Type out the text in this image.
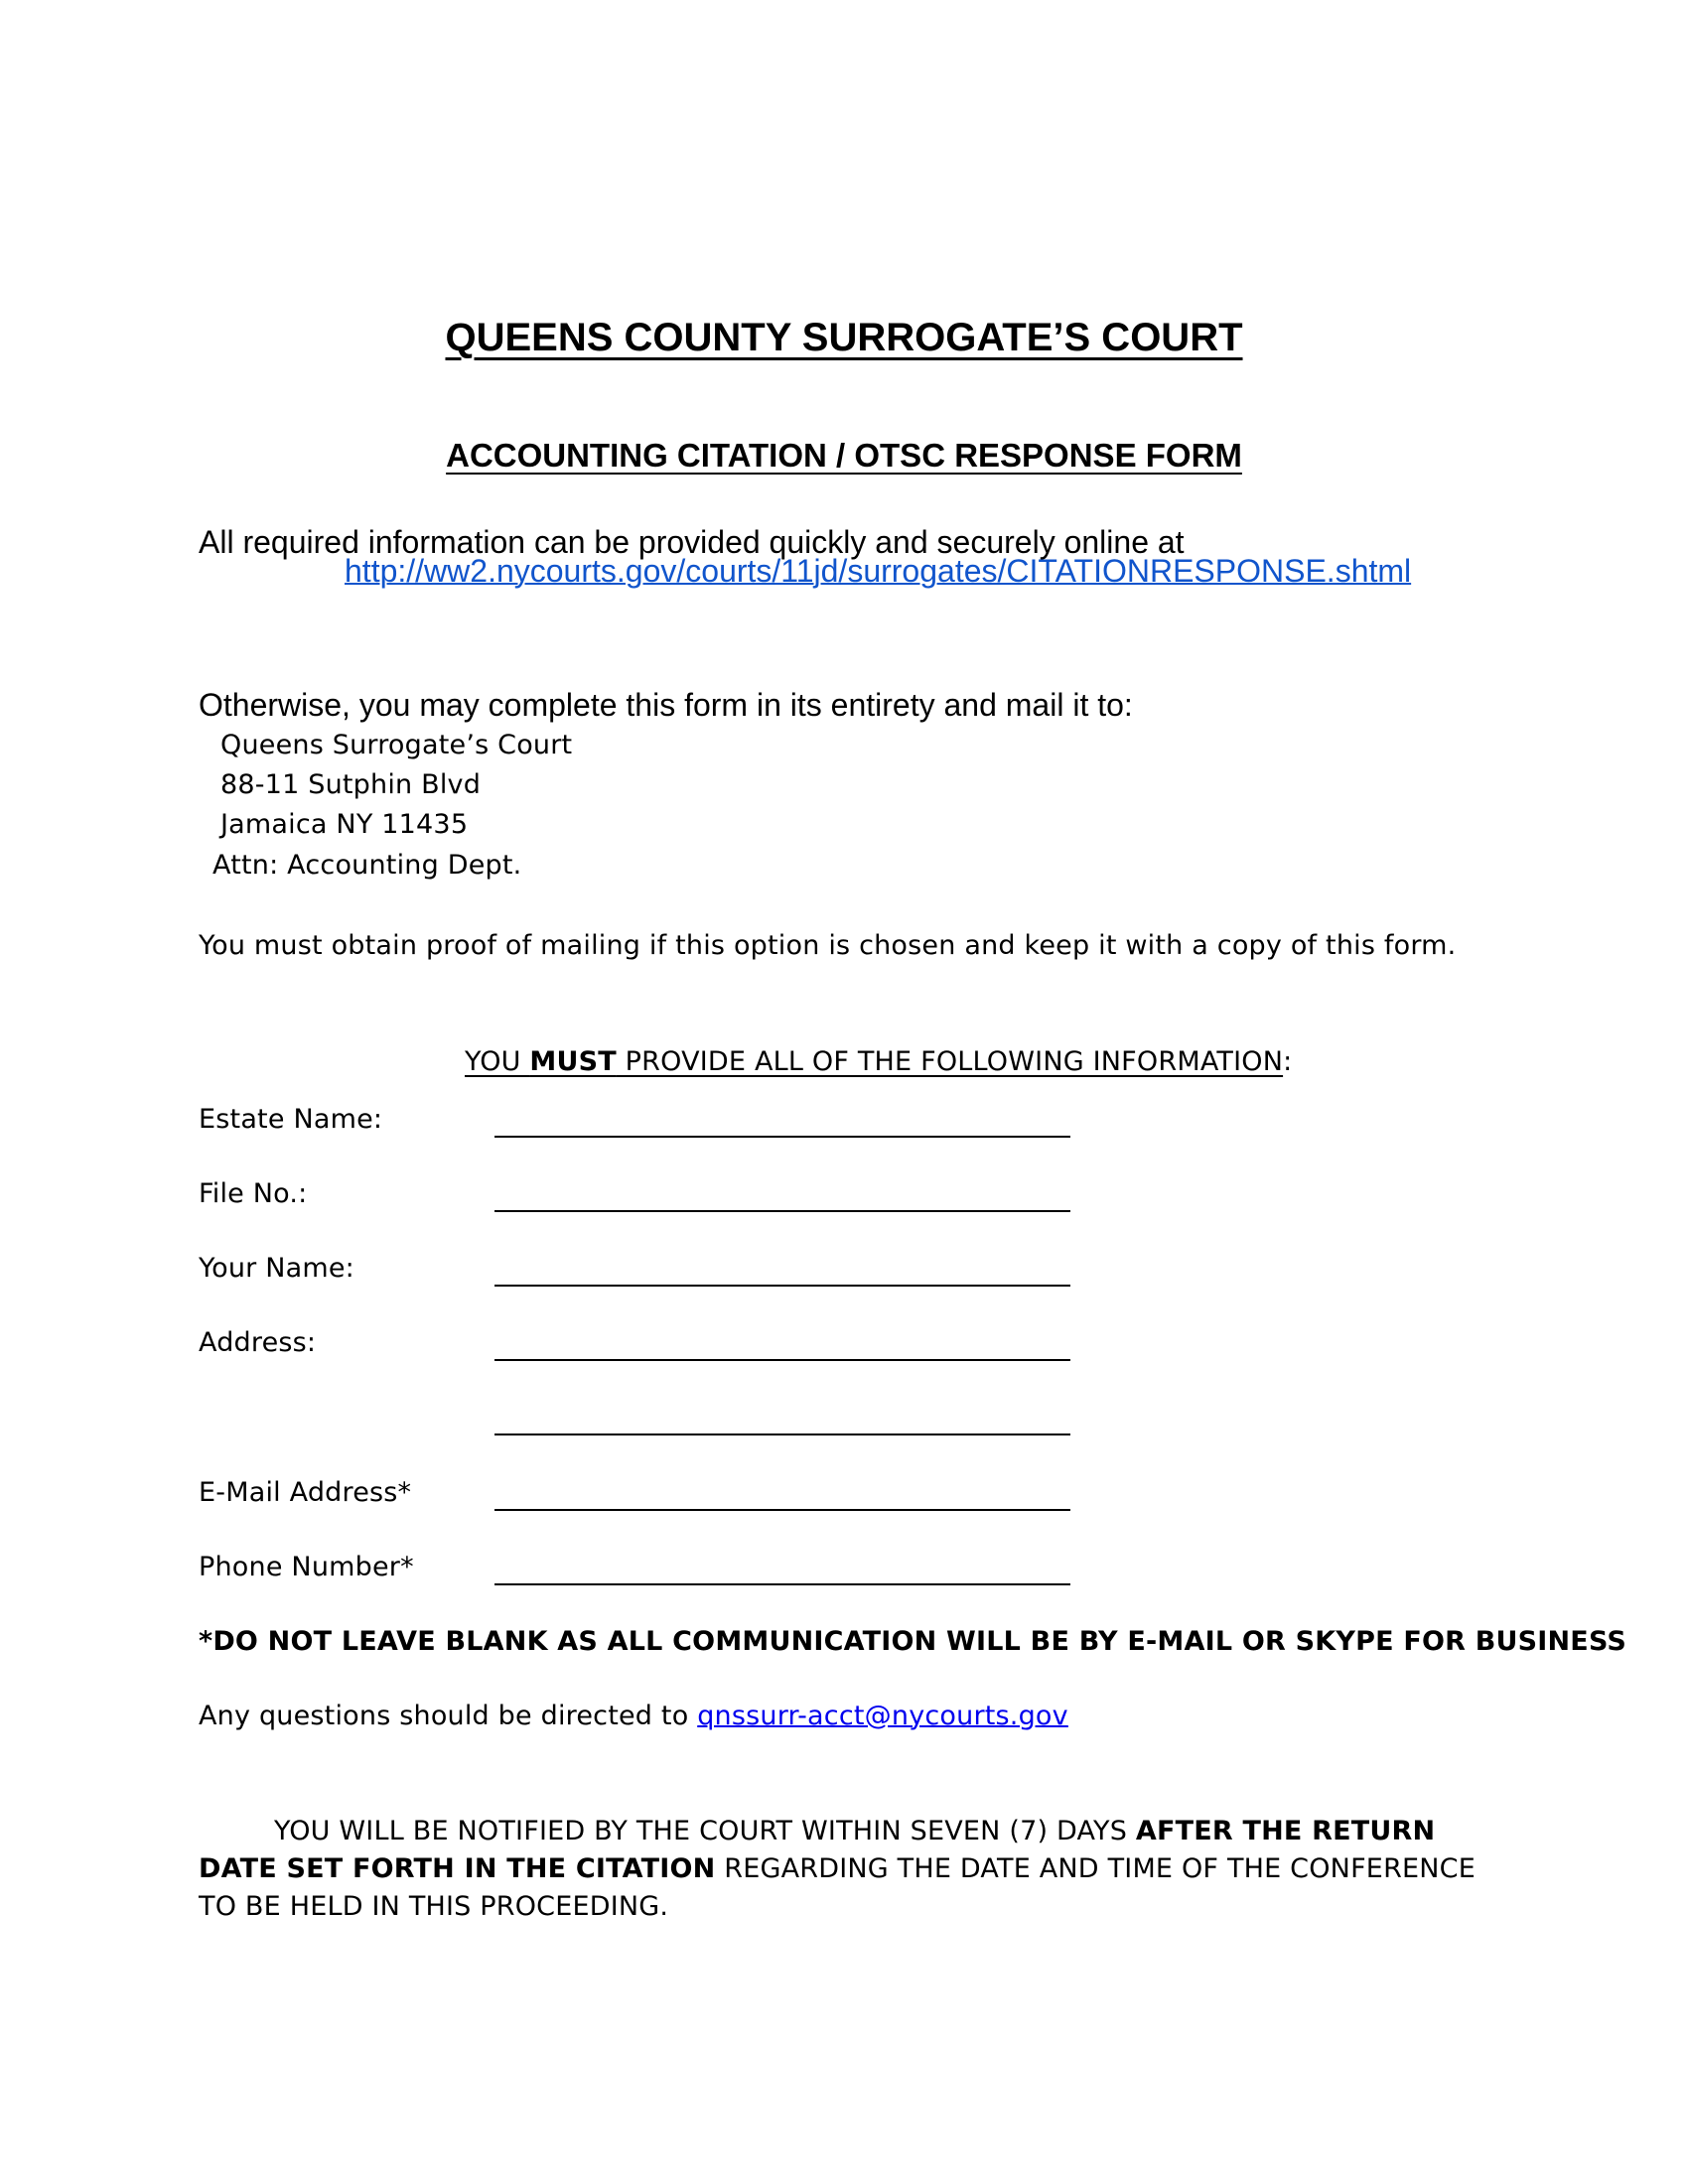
QUEENS COUNTY SURROGATE’S COURT
ACCOUNTING CITATION / OTSC RESPONSE FORM
All required information can be provided quickly and securely online at
http://ww2.nycourts.gov/courts/11jd/surrogates/CITATIONRESPONSE.shtml
Otherwise, you may complete this form in its entirety and mail it to:
Queens Surrogate’s Court
88-11 Sutphin Blvd
Jamaica NY 11435
Attn: Accounting Dept.
You must obtain proof of mailing if this option is chosen and keep it with a copy of this form.
YOU MUST PROVIDE ALL OF THE FOLLOWING INFORMATION:
Estate Name:
File No.:
Your Name:
Address:
E-Mail Address*
Phone Number*
*DO NOT LEAVE BLANK AS ALL COMMUNICATION WILL BE BY E-MAIL OR SKYPE FOR BUSINESS
Any questions should be directed to qnssurr-acct@nycourts.gov
YOU WILL BE NOTIFIED BY THE COURT WITHIN SEVEN (7) DAYS AFTER THE RETURN DATE SET FORTH IN THE CITATION REGARDING THE DATE AND TIME OF THE CONFERENCE TO BE HELD IN THIS PROCEEDING.
